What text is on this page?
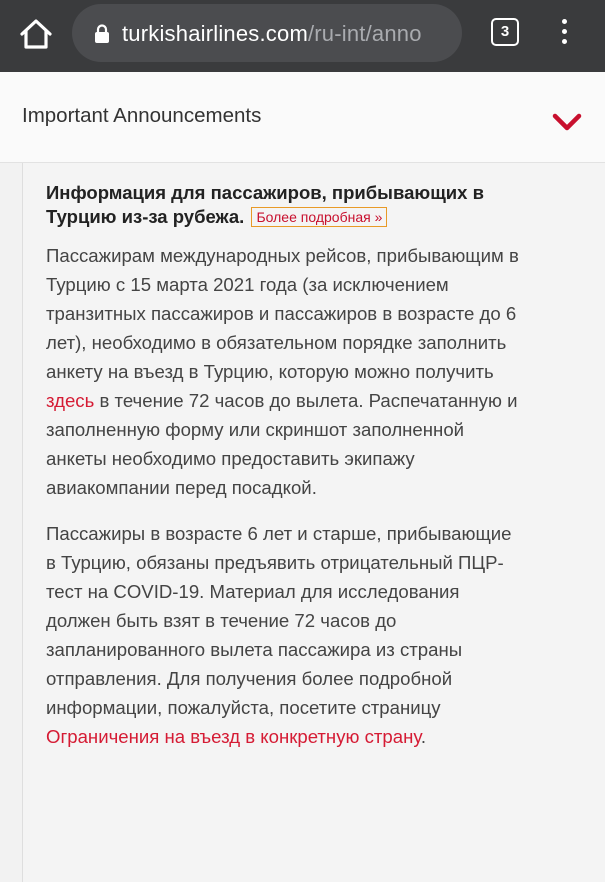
turkishairlines.com/ru-int/anno	3
Important Announcements

Информация для пассажиров, прибывающих в Турцию из-за рубежа. Более подробная »

Пассажирам международных рейсов, прибывающим в Турцию с 15 марта 2021 года (за исключением транзитных пассажиров и пассажиров в возрасте до 6 лет), необходимо в обязательном порядке заполнить анкету на въезд в Турцию, которую можно получить здесь в течение 72 часов до вылета. Распечатанную и заполненную форму или скриншот заполненной анкеты необходимо предоставить экипажу авиакомпании перед посадкой.

Пассажиры в возрасте 6 лет и старше, прибывающие в Турцию, обязаны предъявить отрицательный ПЦР-тест на COVID-19. Материал для исследования должен быть взят в течение 72 часов до запланированного вылета пассажира из страны отправления. Для получения более подробной информации, пожалуйста, посетите страницу Ограничения на въезд в конкретную страну.
